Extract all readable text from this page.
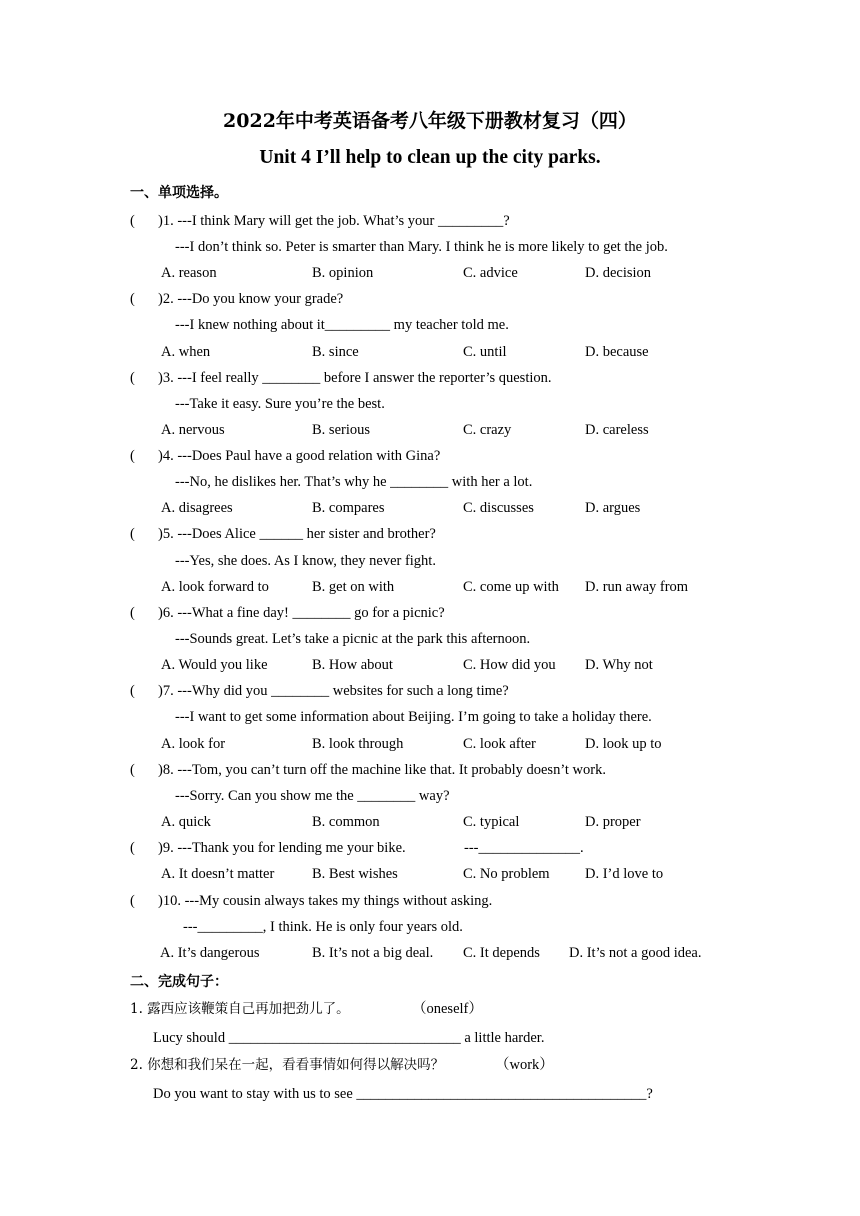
2022年中考英语备考八年级下册教材复习（四）
Unit 4 I’ll help to clean up the city parks.
一、单项选择。
( )1. ---I think Mary will get the job. What’s your _________?
---I don’t think so. Peter is smarter than Mary. I think he is more likely to get the job.
A. reason	B. opinion	C. advice	D. decision
( )2. ---Do you know your grade?
---I knew nothing about it_________ my teacher told me.
A. when	B. since	C. until	D. because
( )3. ---I feel really ________ before I answer the reporter’s question.
---Take it easy. Sure you’re the best.
A. nervous	B. serious	C. crazy	D. careless
( )4. ---Does Paul have a good relation with Gina?
---No, he dislikes her. That’s why he ________ with her a lot.
A. disagrees	B. compares	C. discusses	D. argues
( )5. ---Does Alice ______ her sister and brother?
---Yes, she does. As I know, they never fight.
A. look forward to	B. get on with	C. come up with D. run away from
( )6. ---What a fine day! ________ go for a picnic?
---Sounds great. Let’s take a picnic at the park this afternoon.
A. Would you like	B. How about	C. How did you D. Why not
( )7. ---Why did you ________ websites for such a long time?
---I want to get some information about Beijing. I’m going to take a holiday there.
A. look for	B. look through	C. look after	D. look up to
( )8. ---Tom, you can’t turn off the machine like that. It probably doesn’t work.
---Sorry. Can you show me the ________ way?
A. quick	B. common	C. typical	D. proper
( )9. ---Thank you for lending me your bike.	---______________.
A. It doesn’t matter	B. Best wishes	C. No problem D. I’d love to
( )10. ---My cousin always takes my things without asking.
---_________, I think. He is only four years old.
A. It’s dangerous	B. It’s not a big deal. C. It depends D. It’s not a good idea.
二、完成句子：
1. 露西应该鞭策自己再加把劲儿了。	（oneself）
Lucy should ________________________________ a little harder.
2. 你想和我们呆在一起，看看事情如何得以解决吗？	（work）
Do you want to stay with us to see ________________________________________?
